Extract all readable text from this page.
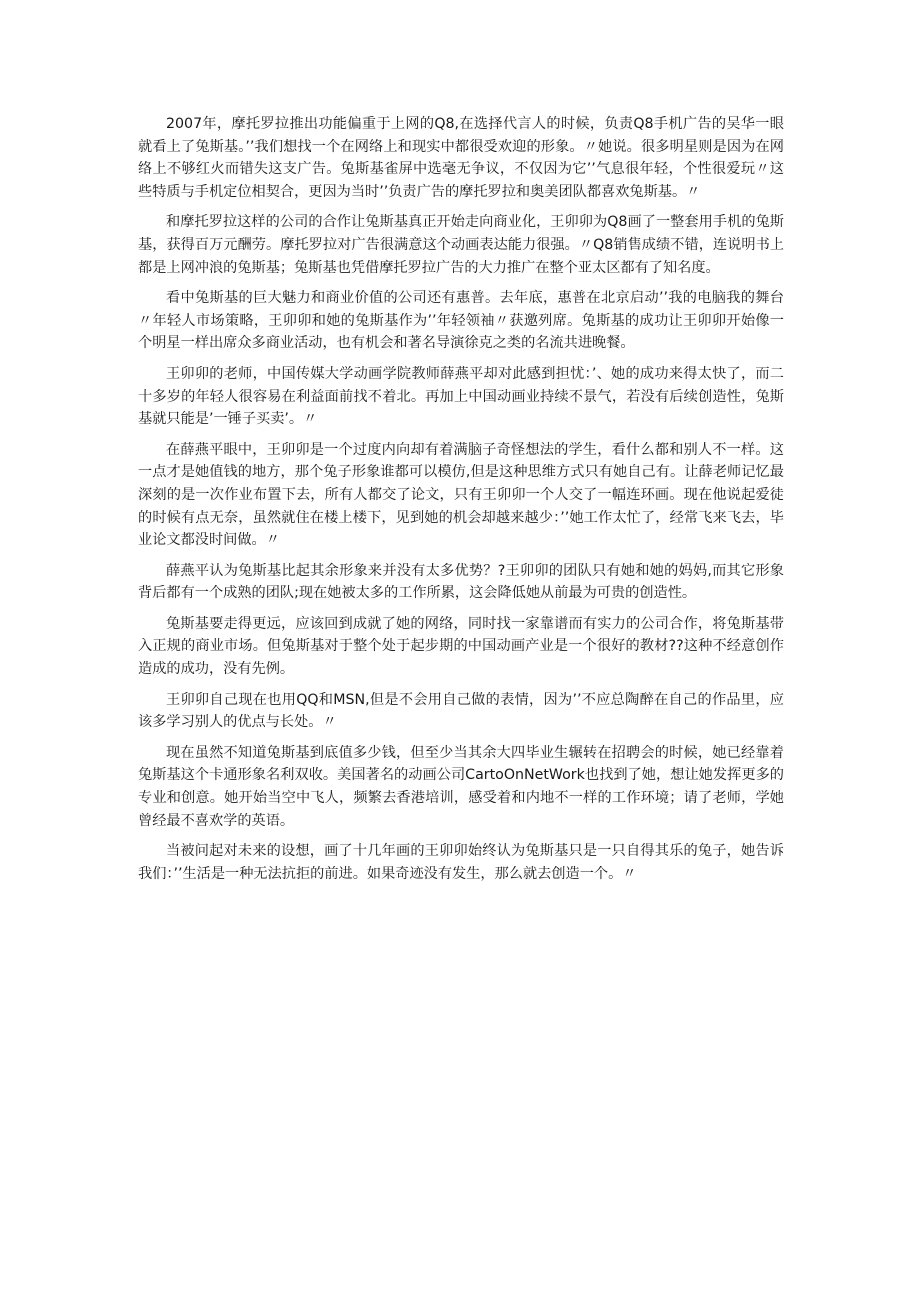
2007年，摩托罗拉推出功能偏重于上网的Q8,在选择代言人的时候，负责Q8手机广告的吴华一眼就看上了兔斯基。’’我们想找一个在网络上和现实中都很受欢迎的形象。〃她说。很多明星则是因为在网络上不够红火而错失这支广告。兔斯基雀屏中选毫无争议，不仅因为它’’气息很年轻，个性很爱玩〃这些特质与手机定位相契合，更因为当时’’负责广告的摩托罗拉和奥美团队都喜欢兔斯基。〃

和摩托罗拉这样的公司的合作让兔斯基真正开始走向商业化，王卯卯为Q8画了一整套用手机的兔斯基，获得百万元酬劳。摩托罗拉对广告很满意这个动画表达能力很强。〃Q8销售成绩不错，连说明书上都是上网冲浪的兔斯基；兔斯基也凭借摩托罗拉广告的大力推广在整个亚太区都有了知名度。

看中兔斯基的巨大魅力和商业价值的公司还有惠普。去年底，惠普在北京启动’’我的电脑我的舞台〃年轻人市场策略，王卯卯和她的兔斯基作为’’年轻领袖〃获邀列席。兔斯基的成功让王卯卯开始像一个明星一样出席众多商业活动，也有机会和著名导演徐克之类的名流共进晚餐。

王卯卯的老师，中国传媒大学动画学院教师薛燕平却对此感到担忧：’、她的成功来得太快了，而二十多岁的年轻人很容易在利益面前找不着北。再加上中国动画业持续不景气，若没有后续创造性，兔斯基就只能是’一锤子买卖’。〃

在薛燕平眼中，王卯卯是一个过度内向却有着满脑子奇怪想法的学生，看什么都和别人不一样。这一点才是她值钱的地方，那个兔子形象谁都可以模仿,但是这种思维方式只有她自己有。让薛老师记忆最深刻的是一次作业布置下去，所有人都交了论文，只有王卯卯一个人交了一幅连环画。现在他说起爱徒的时候有点无奈，虽然就住在楼上楼下，见到她的机会却越来越少：’’她工作太忙了，经常飞来飞去，毕业论文都没时间做。〃

薛燕平认为兔斯基比起其余形象来并没有太多优势？?王卯卯的团队只有她和她的妈妈,而其它形象背后都有一个成熟的团队;现在她被太多的工作所累，这会降低她从前最为可贵的创造性。

兔斯基要走得更远，应该回到成就了她的网络，同时找一家靠谱而有实力的公司合作，将兔斯基带入正规的商业市场。但兔斯基对于整个处于起步期的中国动画产业是一个很好的教材??这种不经意创作造成的成功，没有先例。

王卯卯自己现在也用QQ和MSN,但是不会用自己做的表情，因为’’不应总陶醉在自己的作品里，应该多学习别人的优点与长处。〃

现在虽然不知道兔斯基到底值多少钱，但至少当其余大四毕业生辗转在招聘会的时候，她已经靠着兔斯基这个卡通形象名利双收。美国著名的动画公司CartoOnNetWork也找到了她，想让她发挥更多的专业和创意。她开始当空中飞人，频繁去香港培训，感受着和内地不一样的工作环境；请了老师，学她曾经最不喜欢学的英语。

当被问起对未来的设想，画了十几年画的王卯卯始终认为兔斯基只是一只自得其乐的兔子，她告诉我们：’’生活是一种无法抗拒的前进。如果奇迹没有发生，那么就去创造一个。〃
